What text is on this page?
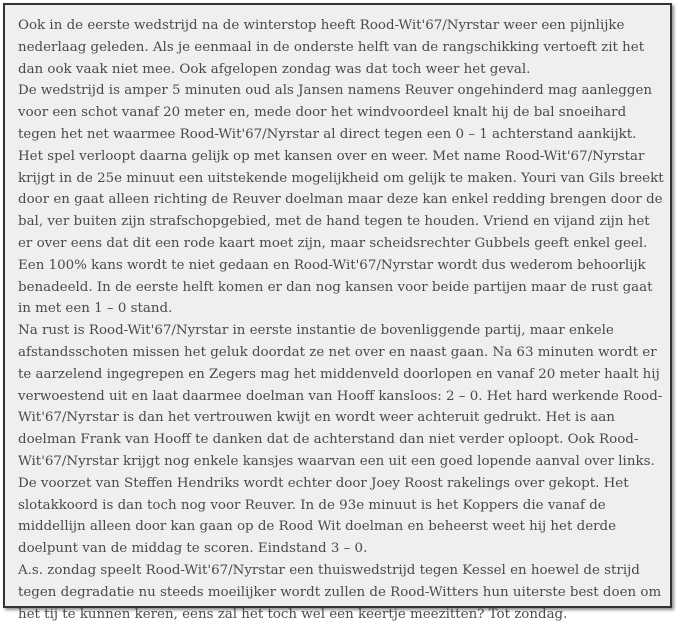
Ook in de eerste wedstrijd na de winterstop heeft Rood-Wit'67/Nyrstar weer een pijnlijke nederlaag geleden. Als je eenmaal in de onderste helft van de rangschikking vertoeft zit het dan ook vaak niet mee. Ook afgelopen zondag was dat toch weer het geval.

De wedstrijd is amper 5 minuten oud als Jansen namens Reuver ongehinderd mag aanleggen voor een schot vanaf 20 meter en, mede door het windvoordeel knalt hij de bal snoeihard tegen het net waarmee Rood-Wit'67/Nyrstar al direct tegen een 0 – 1 achterstand aankijkt. Het spel verloopt daarna gelijk op met kansen over en weer. Met name Rood-Wit'67/Nyrstar krijgt in de 25e minuut een uitstekende mogelijkheid om gelijk te maken. Youri van Gils breekt door en gaat alleen richting de Reuver doelman maar deze kan enkel redding brengen door de bal, ver buiten zijn strafschopgebied, met de hand tegen te houden. Vriend en vijand zijn het er over eens dat dit een rode kaart moet zijn, maar scheidsrechter Gubbels geeft enkel geel. Een 100% kans wordt te niet gedaan en Rood-Wit'67/Nyrstar wordt dus wederom behoorlijk benadeeld. In de eerste helft komen er dan nog kansen voor beide partijen maar de rust gaat in met een 1 – 0 stand.

Na rust is Rood-Wit'67/Nyrstar in eerste instantie de bovenliggende partij, maar enkele afstandsschoten missen het geluk doordat ze net over en naast gaan. Na 63 minuten wordt er te aarzelend ingegrepen en Zegers mag het middenveld doorlopen en vanaf 20 meter haalt hij verwoestend uit en laat daarmee doelman van Hooff kansloos: 2 – 0. Het hard werkende Rood-Wit'67/Nyrstar is dan het vertrouwen kwijt en wordt weer achteruit gedrukt. Het is aan doelman Frank van Hooff te danken dat de achterstand dan niet verder oploopt. Ook Rood-Wit'67/Nyrstar krijgt nog enkele kansjes waarvan een uit een goed lopende aanval over links. De voorzet van Steffen Hendriks wordt echter door Joey Roost rakelings over gekopt. Het slotakkoord is dan toch nog voor Reuver. In de 93e minuut is het Koppers die vanaf de middellijn alleen door kan gaan op de Rood Wit doelman en beheerst weet hij het derde doelpunt van de middag te scoren. Eindstand 3 – 0.

A.s. zondag speelt Rood-Wit'67/Nyrstar een thuiswedstrijd tegen Kessel en hoewel de strijd tegen degradatie nu steeds moeilijker wordt zullen de Rood-Witters hun uiterste best doen om het tij te kunnen keren, eens zal het toch wel een keertje meezitten? Tot zondag.
